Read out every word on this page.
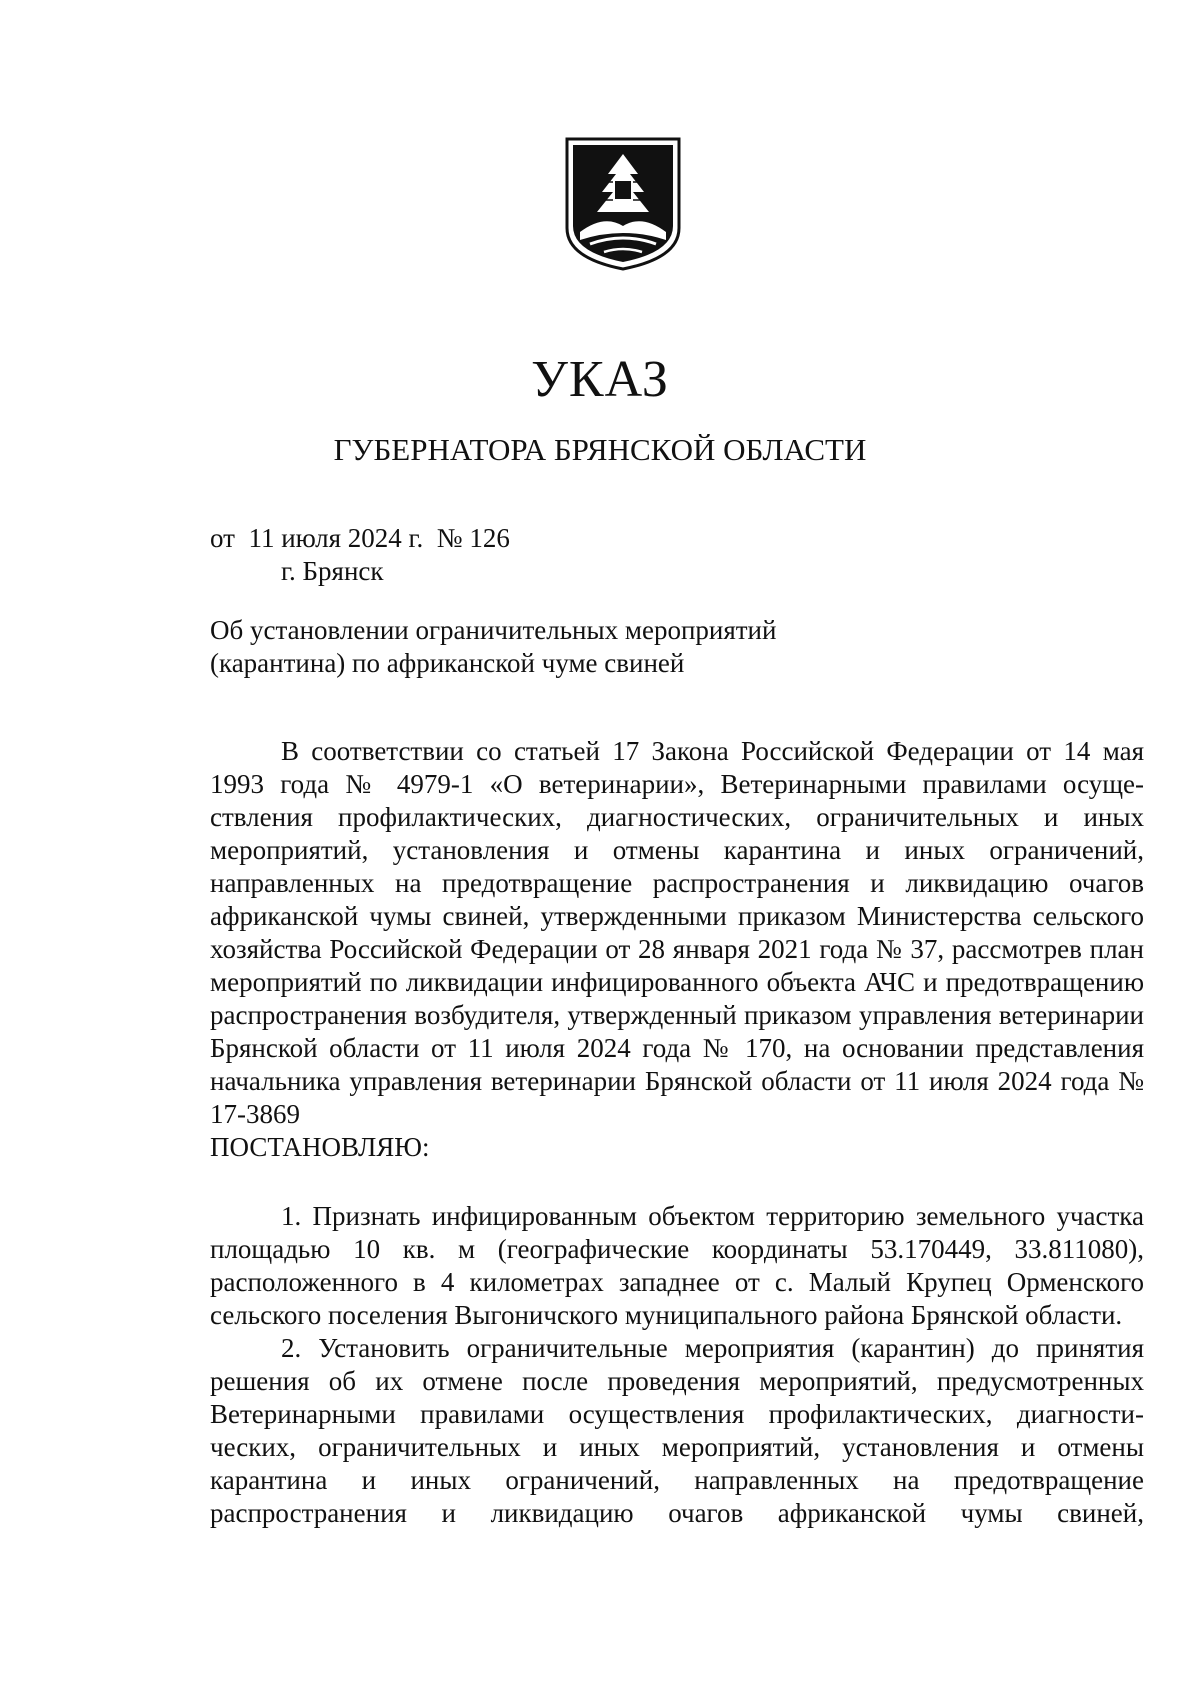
УКАЗ
ГУБЕРНАТОРА БРЯНСКОЙ ОБЛАСТИ
от  11 июля 2024 г.  № 126
г. Брянск
Об установлении ограничительных мероприятий
(карантина) по африканской чуме свиней

В соответствии со статьей 17 Закона Российской Федерации от 14 мая 1993 года № 4979-1 «О ветеринарии», Ветеринарными правилами осуществления профилактических, диагностических, ограничительных и иных мероприятий, установления и отмены карантина и иных ограничений, направленных на предотвращение распространения и ликвидацию очагов африканской чумы свиней, утвержденными приказом Министерства сельского хозяйства Российской Федерации от 28 января 2021 года № 37, рассмотрев план мероприятий по ликвидации инфицированного объекта АЧС и предотвращению распространения возбудителя, утвержденный приказом управления ветеринарии Брянской области от 11 июля 2024 года № 170, на основании представления начальника управления ветеринарии Брянской области от 11 июля 2024 года № 17-3869

ПОСТАНОВЛЯЮ:

1. Признать инфицированным объектом территорию земельного участка площадью 10 кв. м (географические координаты 53.170449, 33.811080), расположенного в 4 километрах западнее от с. Малый Крупец Орменского сельского поселения Выгоничского муниципального района Брянской области.

2. Установить ограничительные мероприятия (карантин) до принятия решения об их отмене после проведения мероприятий, предусмотренных Ветеринарными правилами осуществления профилактических, диагностических, ограничительных и иных мероприятий, установления и отмены карантина и иных ограничений, направленных на предотвращение распространения и ликвидацию очагов африканской чумы свиней,
